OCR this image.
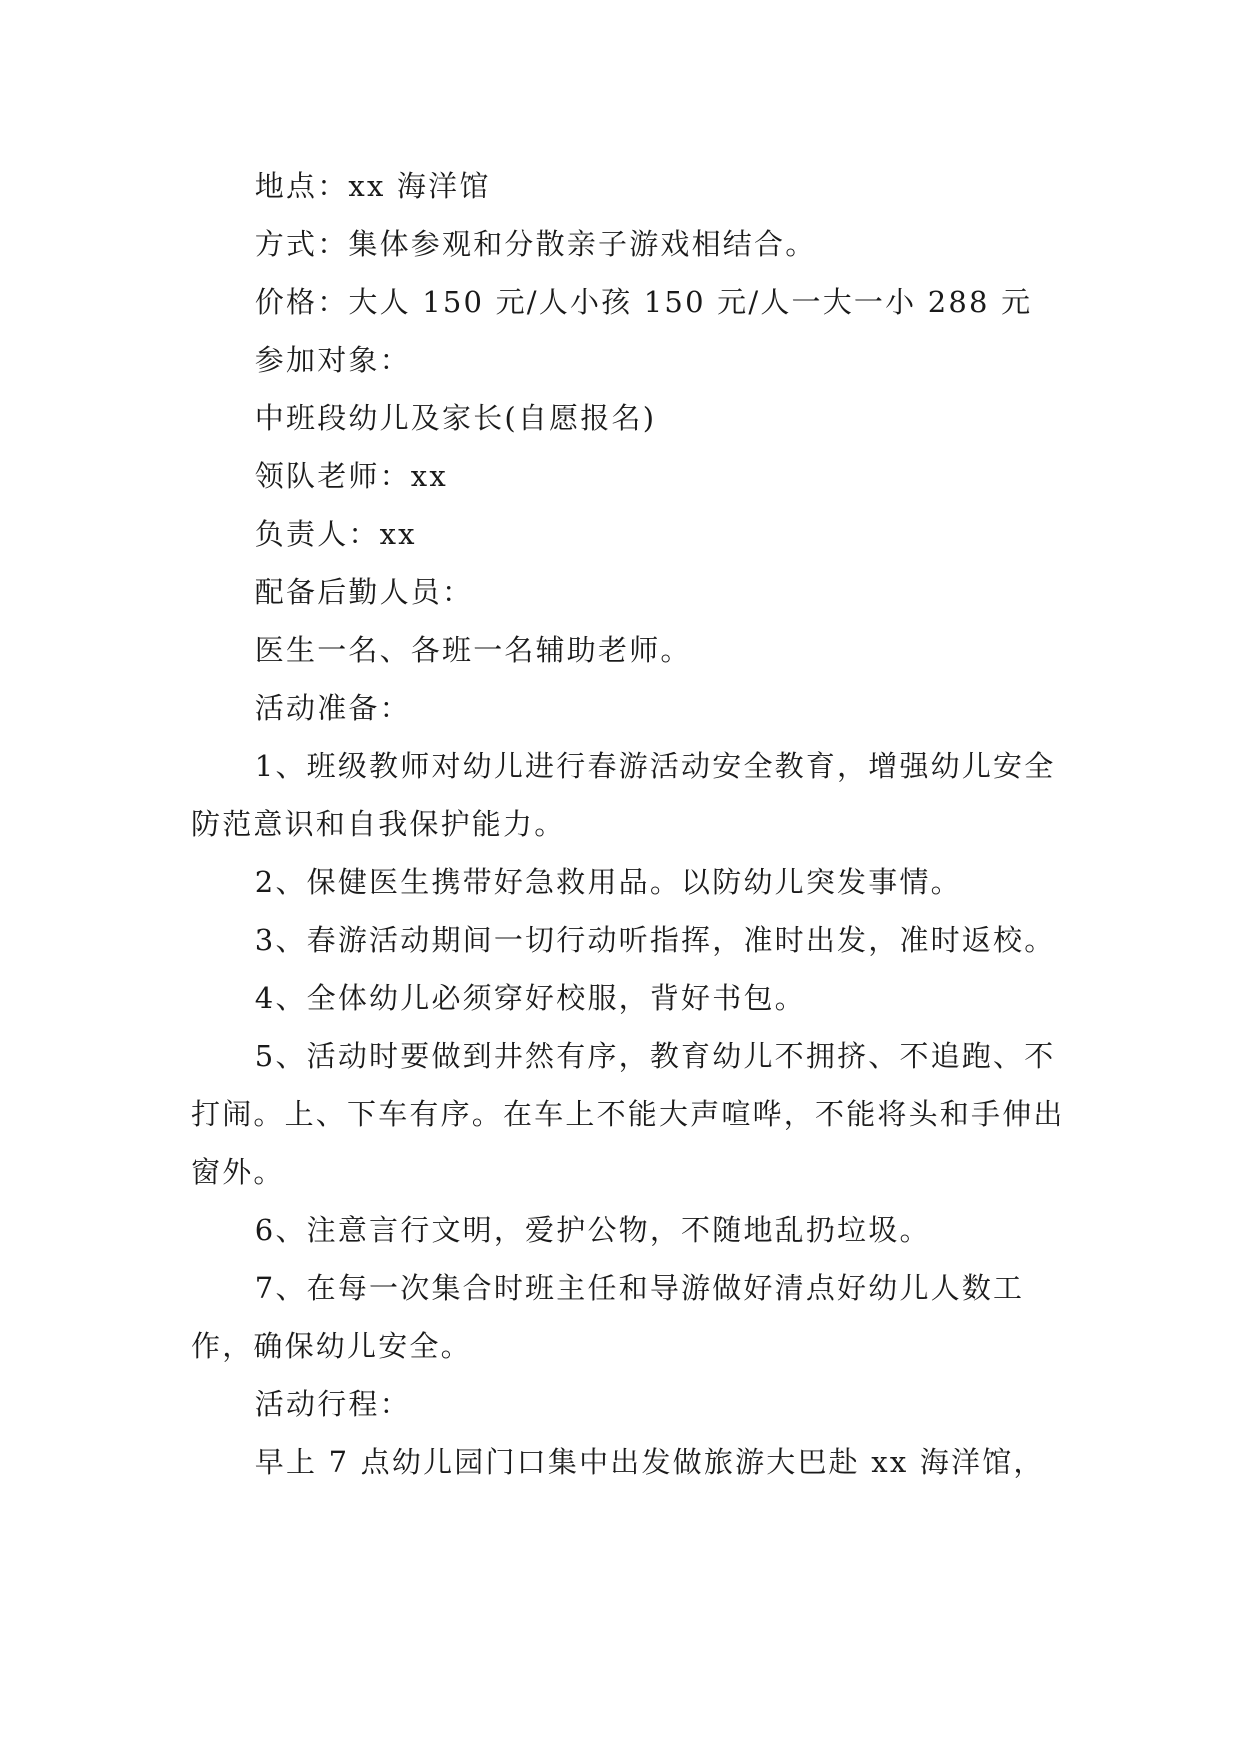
地点：xx 海洋馆

方式：集体参观和分散亲子游戏相结合。

价格：大人 150 元/人小孩 150 元/人一大一小 288 元

参加对象：

中班段幼儿及家长(自愿报名)

领队老师：xx

负责人：xx

配备后勤人员：

医生一名、各班一名辅助老师。

活动准备：

1、班级教师对幼儿进行春游活动安全教育，增强幼儿安全防范意识和自我保护能力。

2、保健医生携带好急救用品。以防幼儿突发事情。

3、春游活动期间一切行动听指挥，准时出发，准时返校。

4、全体幼儿必须穿好校服，背好书包。

5、活动时要做到井然有序，教育幼儿不拥挤、不追跑、不打闹。上、下车有序。在车上不能大声喧哗，不能将头和手伸出窗外。

6、注意言行文明，爱护公物，不随地乱扔垃圾。

7、在每一次集合时班主任和导游做好清点好幼儿人数工作，确保幼儿安全。

活动行程：

早上 7 点幼儿园门口集中出发做旅游大巴赴 xx 海洋馆，
